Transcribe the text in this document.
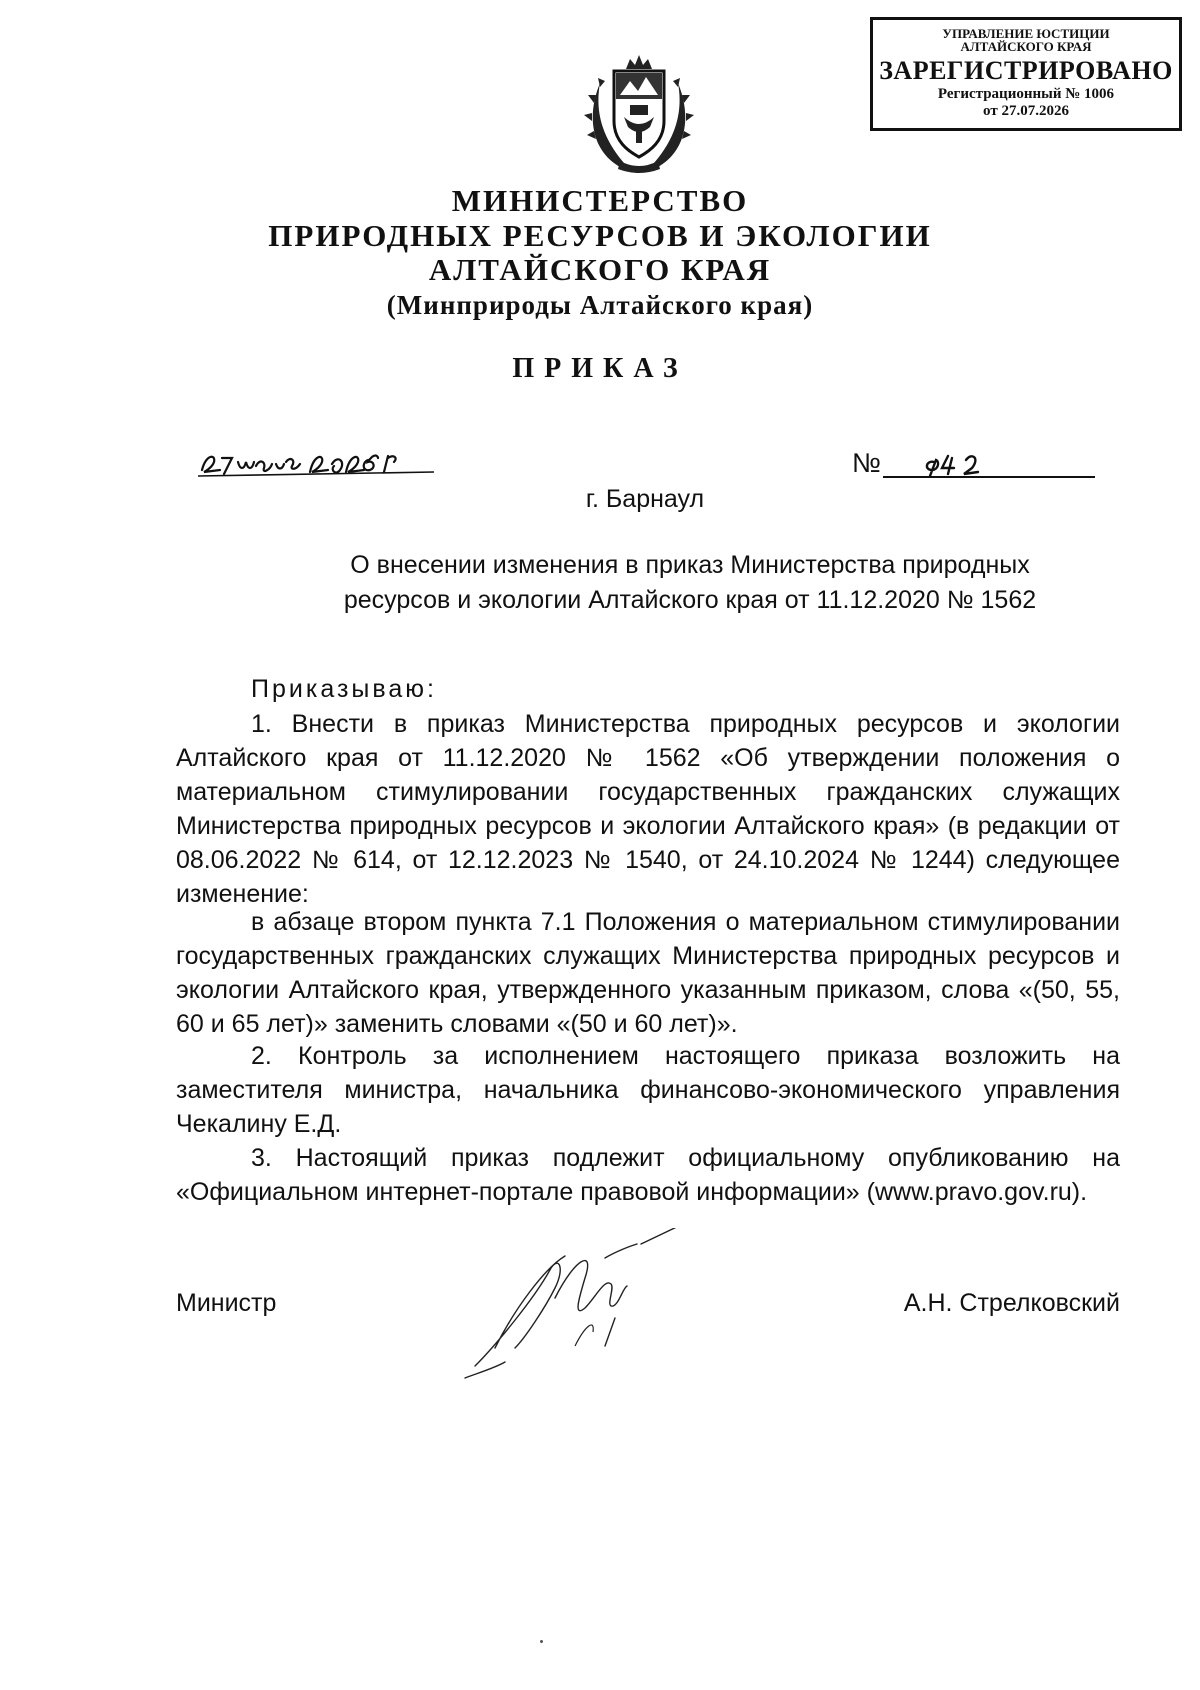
УПРАВЛЕНИЕ ЮСТИЦИИ
АЛТАЙСКОГО КРАЯ
ЗАРЕГИСТРИРОВАНО
Регистрационный № 1006
от 27.07.2026
МИНИСТЕРСТВО
ПРИРОДНЫХ РЕСУРСОВ И ЭКОЛОГИИ
АЛТАЙСКОГО КРАЯ
(Минприроды Алтайского края)
ПРИКАЗ
№
г. Барнаул
О внесении изменения в приказ Министерства природных
ресурсов и экологии Алтайского края от 11.12.2020 № 1562
Приказываю:

1. Внести в приказ Министерства природных ресурсов и экологии Алтайского края от 11.12.2020 № 1562 «Об утверждении положения о материальном стимулировании государственных гражданских служащих Министерства природных ресурсов и экологии Алтайского края» (в редакции от 08.06.2022 № 614, от 12.12.2023 № 1540, от 24.10.2024 № 1244) следующее изменение:

в абзаце втором пункта 7.1 Положения о материальном стимулировании государственных гражданских служащих Министерства природных ресурсов и экологии Алтайского края, утвержденного указанным приказом, слова «(50, 55, 60 и 65 лет)» заменить словами «(50 и 60 лет)».

2. Контроль за исполнением настоящего приказа возложить на заместителя министра, начальника финансово-экономического управления Чекалину Е.Д.

3. Настоящий приказ подлежит официальному опубликованию на «Официальном интернет-портале правовой информации» (www.pravo.gov.ru).

Министр	А.Н. Стрелковский
